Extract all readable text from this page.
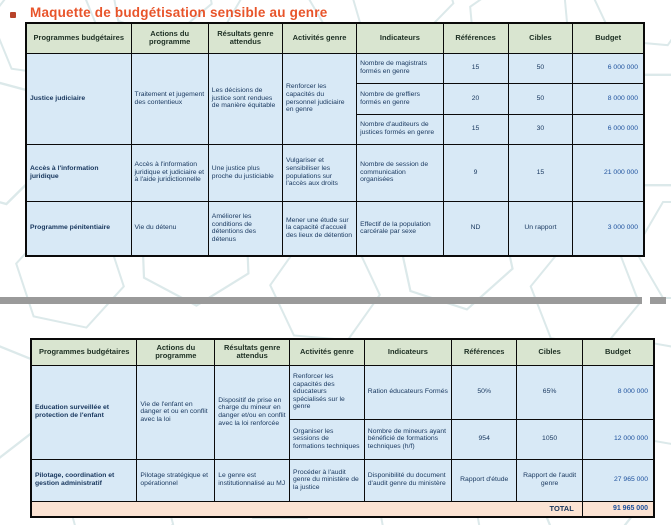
Maquette de budgétisation sensible au genre
Programmes budgétaires	Actions du programme	Résultats genre attendus	Activités genre	Indicateurs	Références	Cibles	Budget
Justice judiciaire	Traitement et jugement des contentieux	Les décisions de justice sont rendues de manière équitable	Renforcer les capacités du personnel judiciaire en genre	Nombre de magistrats formés en genre	15	50	6 000 000
				Nombre de greffiers formés en genre	20	50	8 000 000
				Nombre d'auditeurs de justices formés en genre	15	30	6 000 000
Accès à l'information juridique	Accès à l'information juridique et judiciaire et à l'aide juridictionnelle	Une justice plus proche du justiciable	Vulgariser et sensibiliser les populations sur l'accès aux droits	Nombre de session de communication organisées	9	15	21 000 000
Programme pénitentiaire	Vie du détenu	Améliorer les conditions de détentions des détenus	Mener une étude sur la capacité d'accueil des lieux de détention	Effectif de la population carcérale par sexe	ND	Un rapport	3 000 000
Programmes budgétaires	Actions du programme	Résultats genre attendus	Activités genre	Indicateurs	Références	Cibles	Budget
Education surveillée et protection de l'enfant	Vie de l'enfant en danger et ou en conflit avec la loi	Dispositif de prise en charge du mineur en danger et/ou en conflit avec la loi renforcée	Renforcer les capacités des éducateurs spécialisés sur le genre	Ration éducateurs Formés	50%	65%	8 000 000
			Organiser les sessions de formations techniques	Nombre de mineurs ayant bénéficié de formations techniques (h/f)	954	1050	12 000 000
Pilotage, coordination et gestion administratif	Pilotage stratégique et opérationnel	Le genre est institutionnalisé au MJ	Procéder à l'audit genre du ministère de la justice	Disponibilité du document d'audit genre du ministère	Rapport d'étude	Rapport de l'audit genre	27 965 000
TOTAL							91 965 000
